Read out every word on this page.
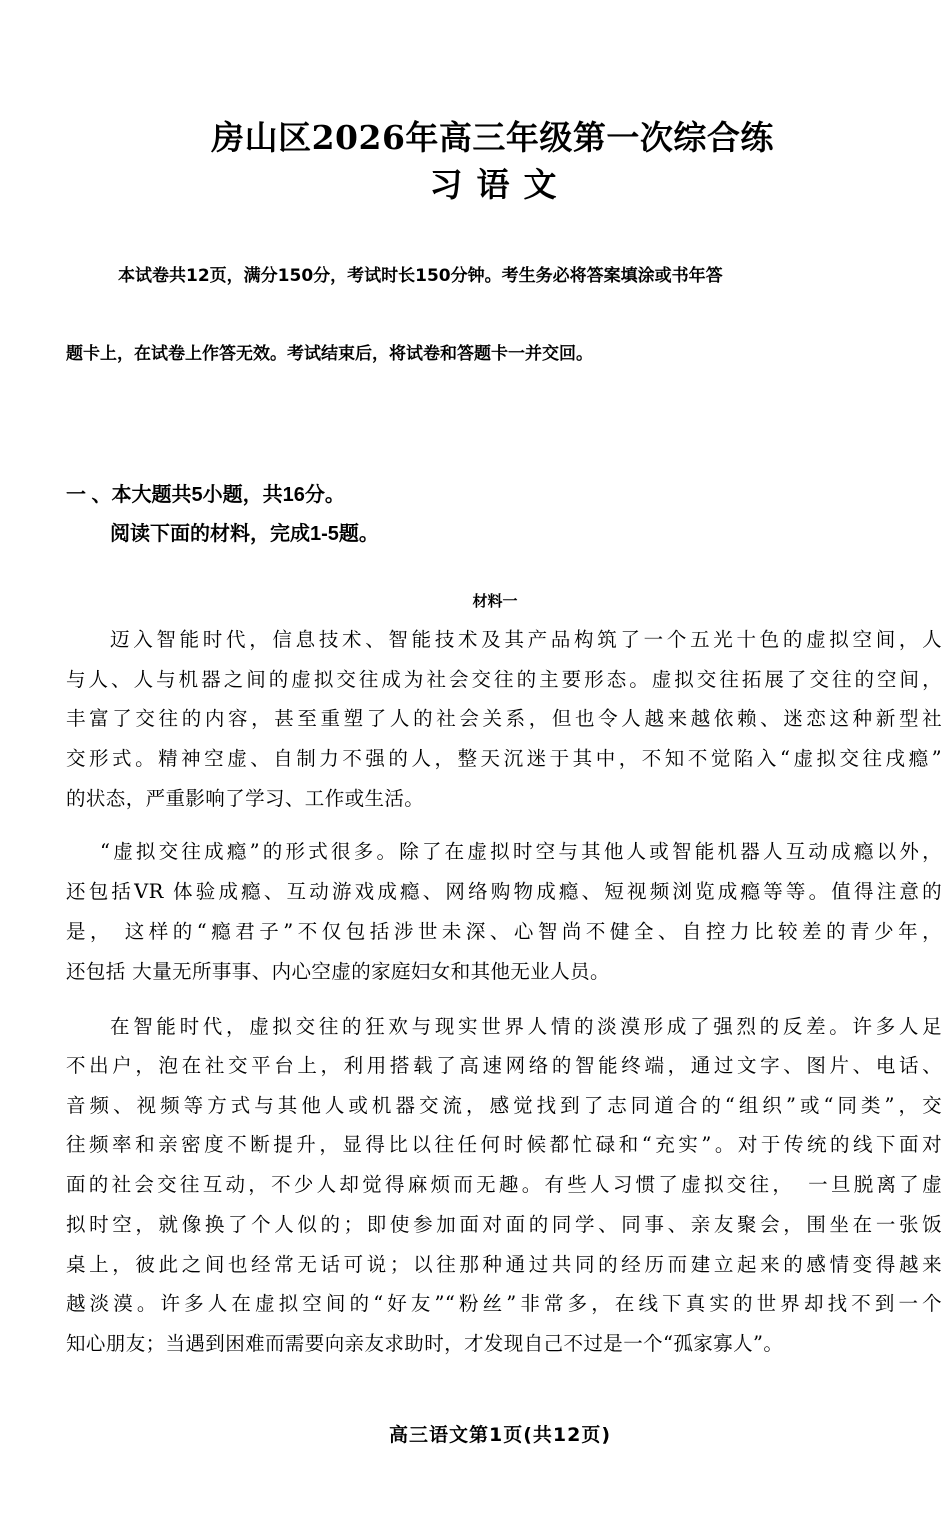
房山区2026年高三年级第一次综合练
习语文
本试卷共12页，满分150分，考试时长150分钟。考生务必将答案填涂或书年答
题卡上，在试卷上作答无效。考试结束后，将试卷和答题卡一并交回。
一 、本大题共5小题，共16分。
阅读下面的材料，完成1-5题。
材料一
迈入智能时代，信息技术、智能技术及其产品构筑了一个五光十色的虚拟空间，人
与人、人与机器之间的虚拟交往成为社会交往的主要形态。虚拟交往拓展了交往的空间，
丰富了交往的内容，甚至重塑了人的社会关系，但也令人越来越依赖、迷恋这种新型社
交形式。精神空虚、自制力不强的人，整天沉迷于其中，不知不觉陷入“虚拟交往戌瘾”
的状态，严重影响了学习、工作或生活。
“虚拟交往成瘾”的形式很多。除了在虚拟时空与其他人或智能机器人互动成瘾以外，
还包括VR 体验成瘾、互动游戏成瘾、网络购物成瘾、短视频浏览成瘾等等。值得注意的
是， 这样的“瘾君子”不仅包括涉世未深、心智尚不健全、自控力比较差的青少年，
还包括 大量无所事事、内心空虚的家庭妇女和其他无业人员。
在智能时代，虚拟交往的狂欢与现实世界人情的淡漠形成了强烈的反差。许多人足
不出户，泡在社交平台上，利用搭载了高速网络的智能终端，通过文字、图片、电话、
音频、视频等方式与其他人或机器交流，感觉找到了志同道合的“组织”或“同类”，交
往频率和亲密度不断提升，显得比以往任何时候都忙碌和“充实”。对于传统的线下面对
面的社会交往互动，不少人却觉得麻烦而无趣。有些人习惯了虚拟交往，　一旦脱离了虚
拟时空，就像换了个人似的；即使参加面对面的同学、同事、亲友聚会，围坐在一张饭
桌上，彼此之间也经常无话可说；以往那种通过共同的经历而建立起来的感情变得越来
越淡漠。许多人在虚拟空间的“好友”“粉丝”非常多，在线下真实的世界却找不到一个
知心朋友；当遇到困难而需要向亲友求助时，才发现自己不过是一个“孤家寡人”。
高三语文第1页(共12页)
